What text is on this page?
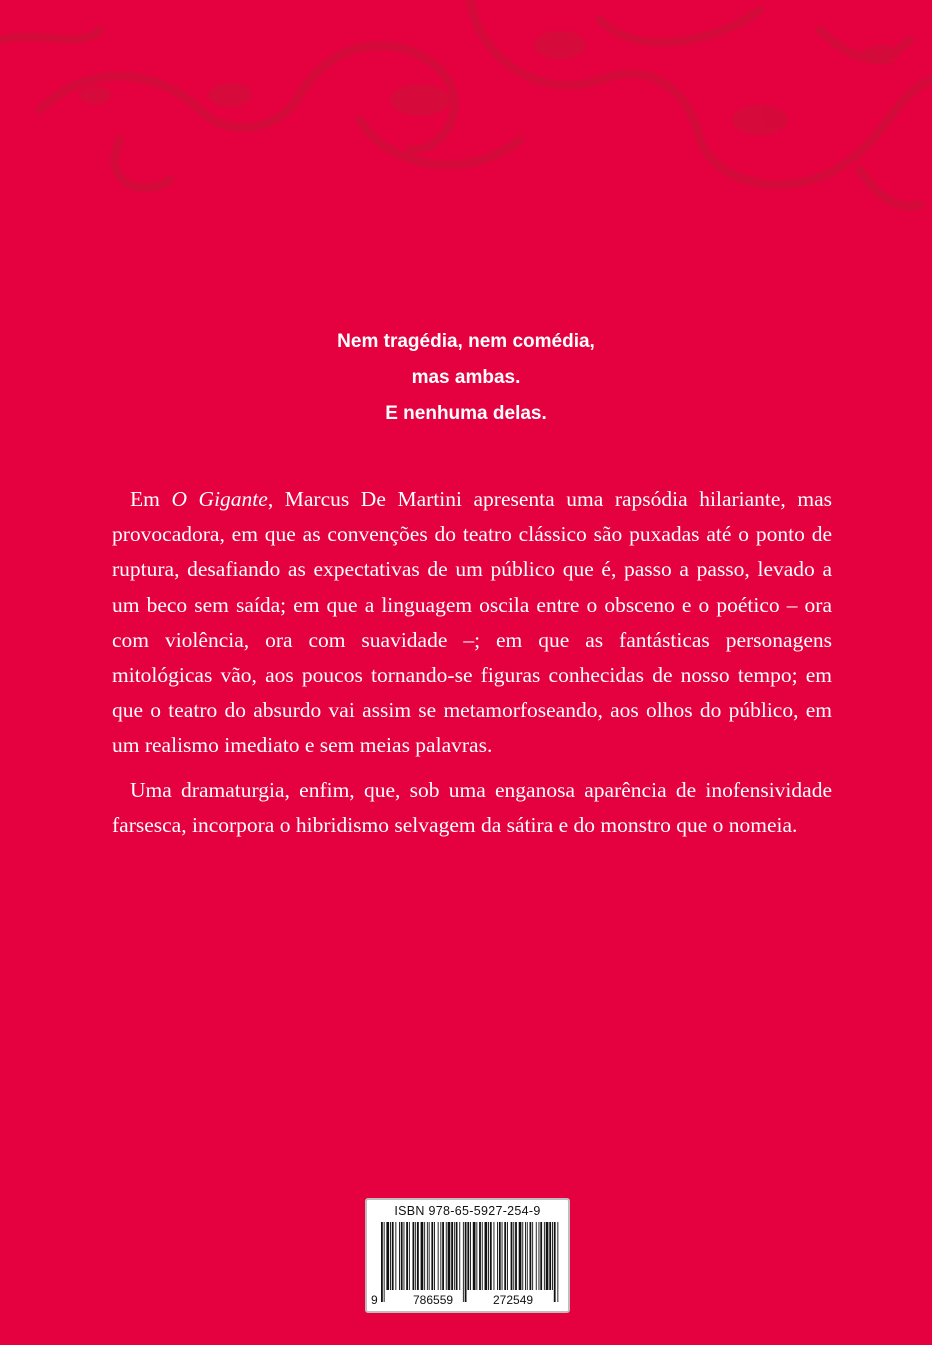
Nem tragédia, nem comédia,
mas ambas.
E nenhuma delas.

Em O Gigante, Marcus De Martini apresenta uma rapsódia hilariante, mas provocadora, em que as convenções do teatro clássico são puxadas até o ponto de ruptura, desafiando as expectativas de um público que é, passo a passo, levado a um beco sem saída; em que a linguagem oscila entre o obsceno e o poético – ora com violência, ora com suavidade –; em que as fantásticas personagens mitológicas vão, aos poucos tornando-se figuras conhecidas de nosso tempo; em que o teatro do absurdo vai assim se metamorfoseando, aos olhos do público, em um realismo imediato e sem meias palavras.

Uma dramaturgia, enfim, que, sob uma enganosa aparência de inofensividade farsesca, incorpora o hibridismo selvagem da sátira e do monstro que o nomeia.

ISBN 978-65-5927-254-9
9	786559	272549
